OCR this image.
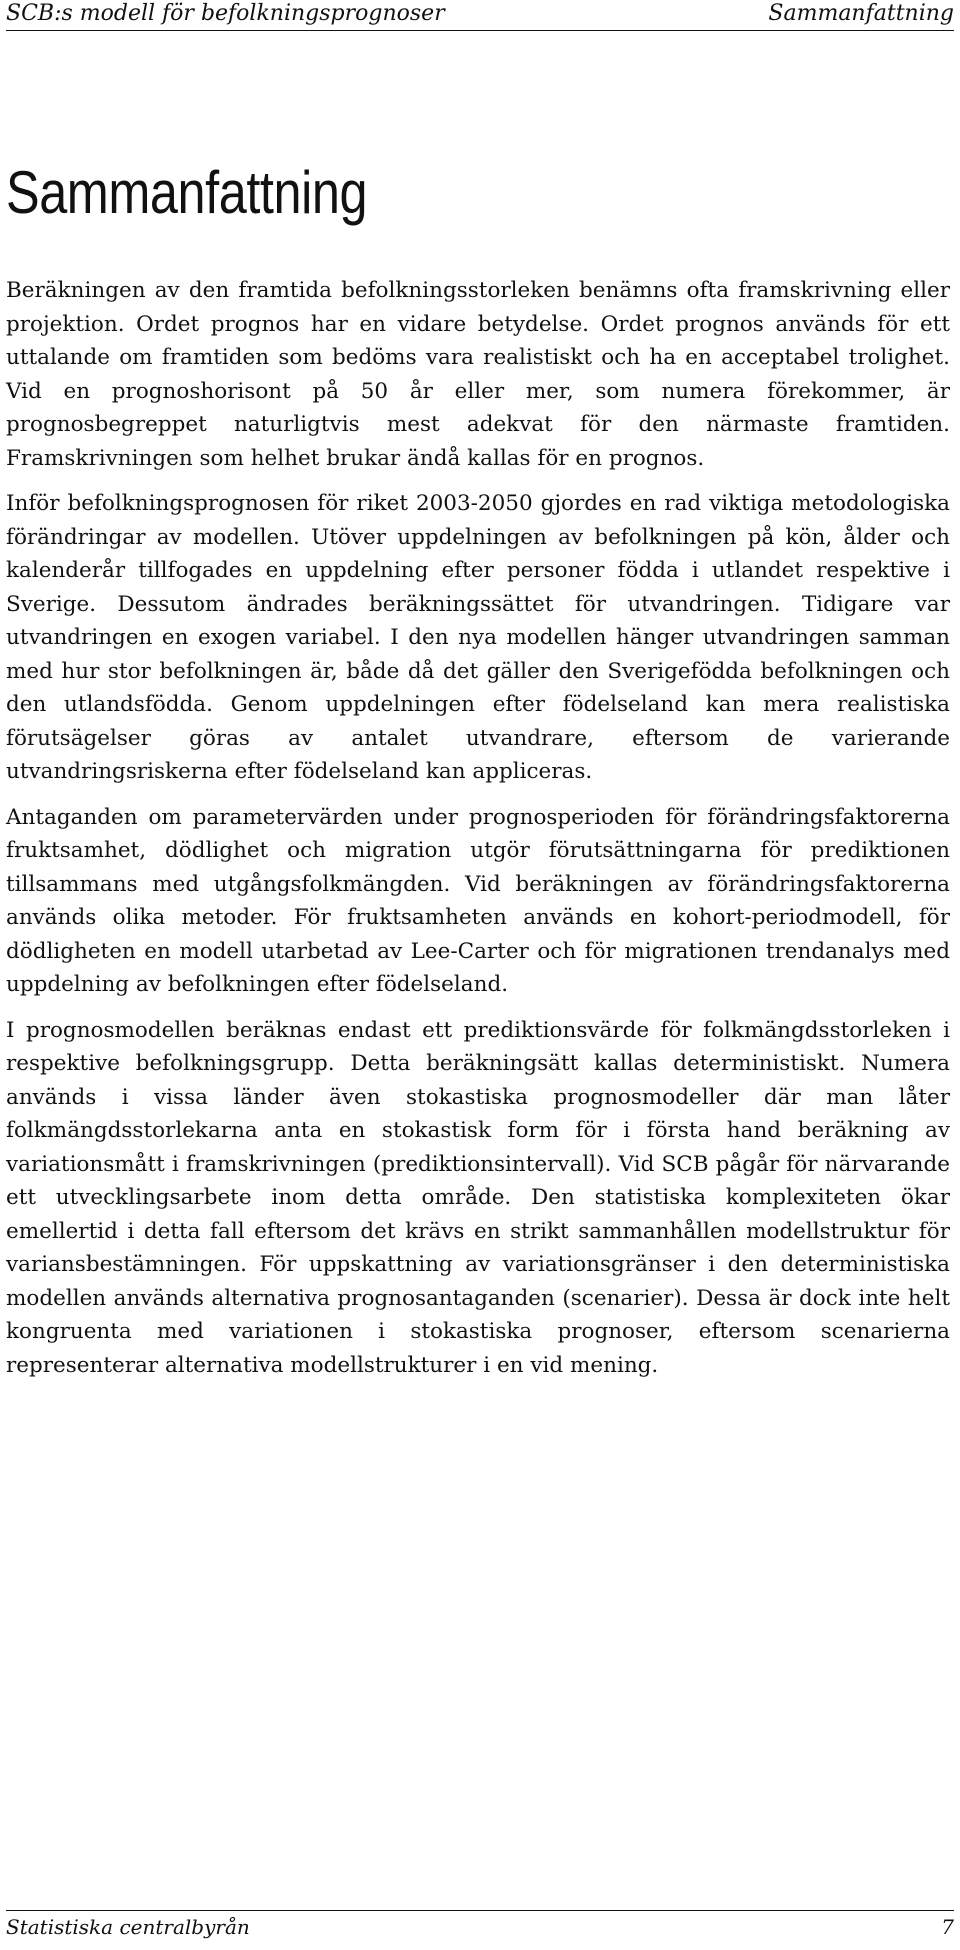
SCB:s modell för befolkningsprognoser	Sammanfattning
Sammanfattning

Beräkningen av den framtida befolkningsstorleken benämns ofta framskrivning eller projektion. Ordet prognos har en vidare betydelse. Ordet prognos används för ett uttalande om framtiden som bedöms vara realistiskt och ha en acceptabel trolighet. Vid en prognoshorisont på 50 år eller mer, som numera förekommer, är prognosbegreppet naturligtvis mest adekvat för den närmaste framtiden. Framskrivningen som helhet brukar ändå kallas för en prognos.

Inför befolkningsprognosen för riket 2003-2050 gjordes en rad viktiga metodologiska förändringar av modellen. Utöver uppdelningen av befolkningen på kön, ålder och kalenderår tillfogades en uppdelning efter personer födda i utlandet respektive i Sverige. Dessutom ändrades beräkningssättet för utvandringen. Tidigare var utvandringen en exogen variabel. I den nya modellen hänger utvandringen samman med hur stor befolkningen är, både då det gäller den Sverigefödda befolkningen och den utlandsfödda. Genom uppdelningen efter födelseland kan mera realistiska förutsägelser göras av antalet utvandrare, eftersom de varierande utvandringsriskerna efter födelseland kan appliceras.

Antaganden om parametervärden under prognosperioden för förändringsfaktorerna fruktsamhet, dödlighet och migration utgör förutsättningarna för prediktionen tillsammans med utgångsfolkmängden. Vid beräkningen av förändringsfaktorerna används olika metoder. För fruktsamheten används en kohort-periodmodell, för dödligheten en modell utarbetad av Lee-Carter och för migrationen trendanalys med uppdelning av befolkningen efter födelseland.

I prognosmodellen beräknas endast ett prediktionsvärde för folkmängdsstorleken i respektive befolkningsgrupp. Detta beräkningsätt kallas deterministiskt. Numera används i vissa länder även stokastiska prognosmodeller där man låter folkmängdsstorlekarna anta en stokastisk form för i första hand beräkning av variationsmått i framskrivningen (prediktionsintervall). Vid SCB pågår för närvarande ett utvecklingsarbete inom detta område. Den statistiska komplexiteten ökar emellertid i detta fall eftersom det krävs en strikt sammanhållen modellstruktur för variansbestämningen. För uppskattning av variationsgränser i den deterministiska modellen används alternativa prognosantaganden (scenarier). Dessa är dock inte helt kongruenta med variationen i stokastiska prognoser, eftersom scenarierna representerar alternativa modellstrukturer i en vid mening.

Statistiska centralbyrån	7
